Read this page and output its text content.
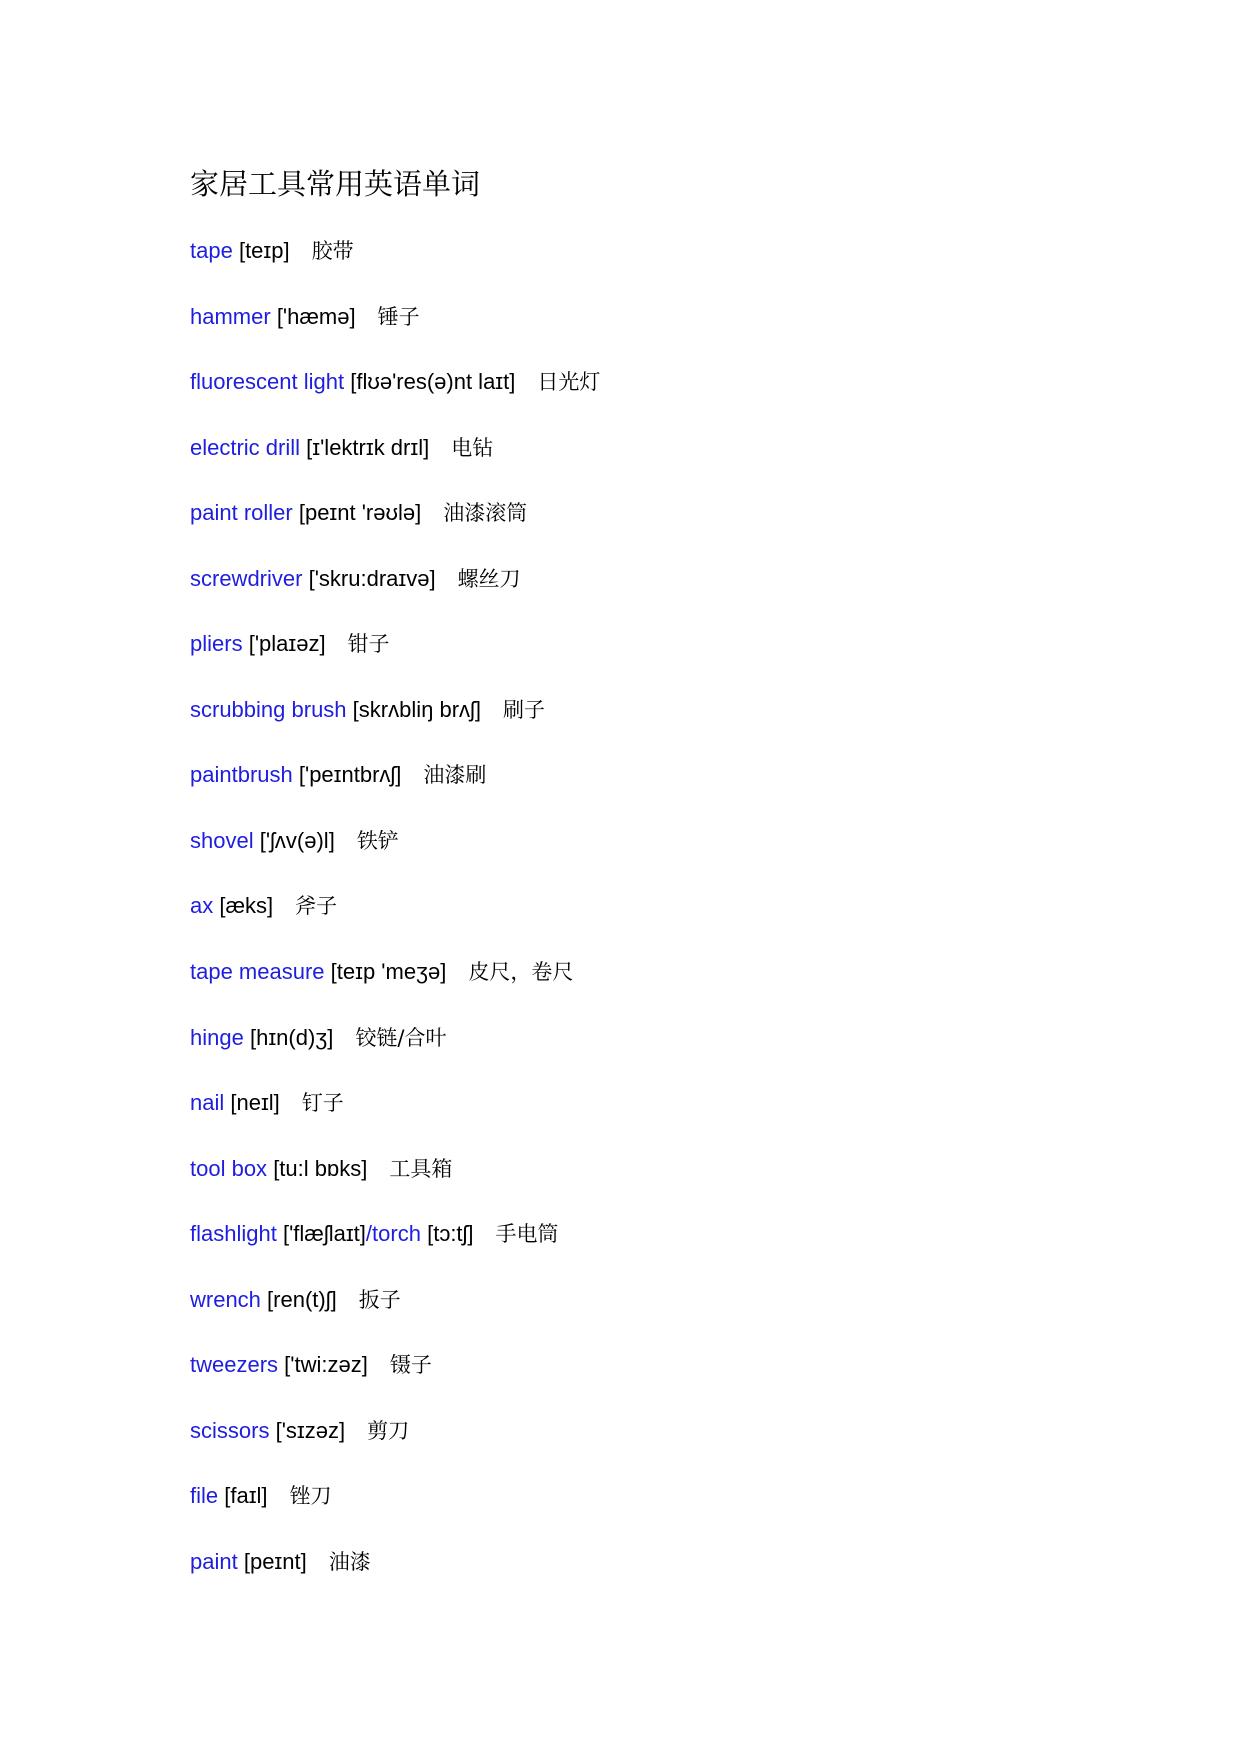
家居工具常用英语单词
tape [teɪp] 胶带
hammer ['hæmə] 锤子
fluorescent light [flʊə'res(ə)nt laɪt] 日光灯
electric drill [ɪ'lektrɪk drɪl] 电钻
paint roller [peɪnt 'rəʊlə] 油漆滚筒
screwdriver ['skru:draɪvə] 螺丝刀
pliers ['plaɪəz] 钳子
scrubbing brush [skrʌbliŋ brʌʃ] 刷子
paintbrush ['peɪntbrʌʃ] 油漆刷
shovel ['ʃʌv(ə)l] 铁铲
ax [æks] 斧子
tape measure [teɪp 'meʒə] 皮尺，卷尺
hinge [hɪn(d)ʒ] 铰链/合叶
nail [neɪl] 钉子
tool box [tu:l bɒks] 工具箱
flashlight ['flæʃlaɪt]/torch [tɔ:tʃ] 手电筒
wrench [ren(t)ʃ] 扳子
tweezers ['twi:zəz] 镊子
scissors ['sɪzəz] 剪刀
file [faɪl] 锉刀
paint [peɪnt] 油漆
